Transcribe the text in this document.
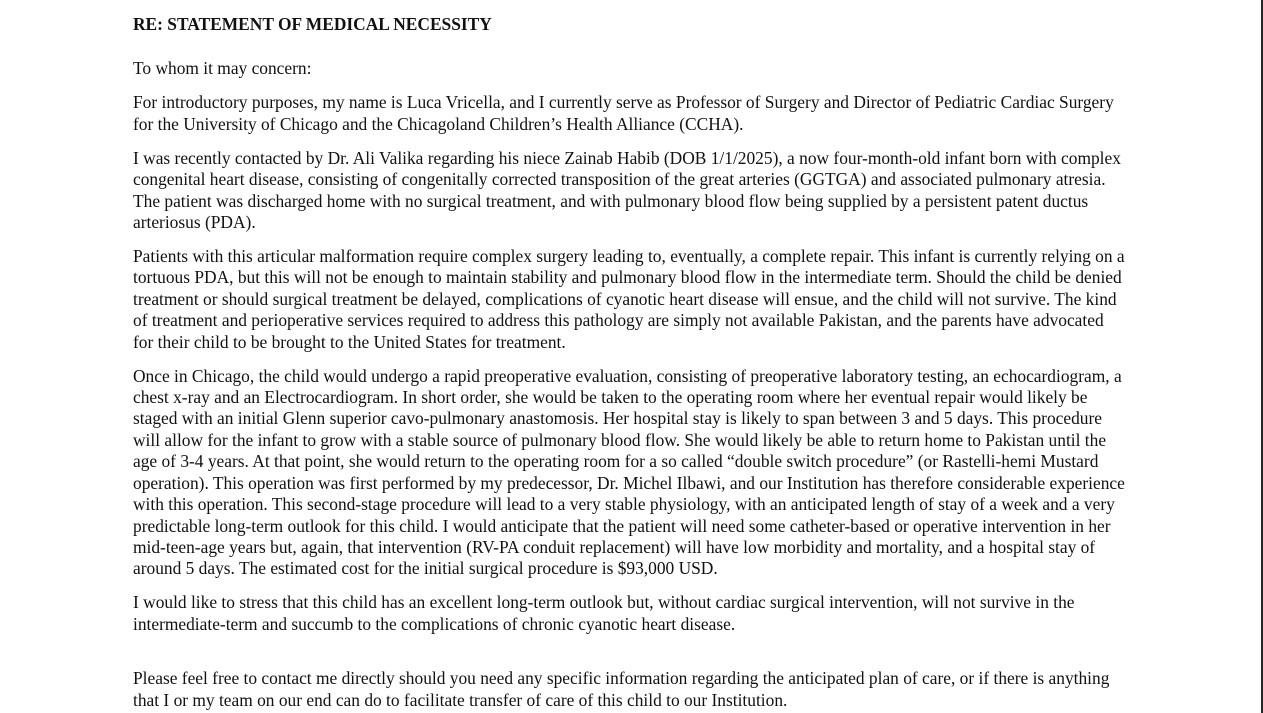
RE: STATEMENT OF MEDICAL NECESSITY

To whom it may concern:

For introductory purposes, my name is Luca Vricella, and I currently serve as Professor of Surgery and Director of Pediatric Cardiac Surgery for the University of Chicago and the Chicagoland Children’s Health Alliance (CCHA).

I was recently contacted by Dr. Ali Valika regarding his niece Zainab Habib (DOB 1/1/2025), a now four-month-old infant born with complex congenital heart disease, consisting of congenitally corrected transposition of the great arteries (GGTGA) and associated pulmonary atresia. The patient was discharged home with no surgical treatment, and with pulmonary blood flow being supplied by a persistent patent ductus arteriosus (PDA).

Patients with this articular malformation require complex surgery leading to, eventually, a complete repair. This infant is currently relying on a tortuous PDA, but this will not be enough to maintain stability and pulmonary blood flow in the intermediate term. Should the child be denied treatment or should surgical treatment be delayed, complications of cyanotic heart disease will ensue, and the child will not survive. The kind of treatment and perioperative services required to address this pathology are simply not available Pakistan, and the parents have advocated for their child to be brought to the United States for treatment.

Once in Chicago, the child would undergo a rapid preoperative evaluation, consisting of preoperative laboratory testing, an echocardiogram, a chest x-ray and an Electrocardiogram. In short order, she would be taken to the operating room where her eventual repair would likely be staged with an initial Glenn superior cavo-pulmonary anastomosis. Her hospital stay is likely to span between 3 and 5 days. This procedure will allow for the infant to grow with a stable source of pulmonary blood flow. She would likely be able to return home to Pakistan until the age of 3-4 years. At that point, she would return to the operating room for a so called “double switch procedure” (or Rastelli-hemi Mustard operation). This operation was first performed by my predecessor, Dr. Michel Ilbawi, and our Institution has therefore considerable experience with this operation. This second-stage procedure will lead to a very stable physiology, with an anticipated length of stay of a week and a very predictable long-term outlook for this child. I would anticipate that the patient will need some catheter-based or operative intervention in her mid-teen-age years but, again, that intervention (RV-PA conduit replacement) will have low morbidity and mortality, and a hospital stay of around 5 days. The estimated cost for the initial surgical procedure is $93,000 USD.

I would like to stress that this child has an excellent long-term outlook but, without cardiac surgical intervention, will not survive in the intermediate-term and succumb to the complications of chronic cyanotic heart disease.

Please feel free to contact me directly should you need any specific information regarding the anticipated plan of care, or if there is anything that I or my team on our end can do to facilitate transfer of care of this child to our Institution.
